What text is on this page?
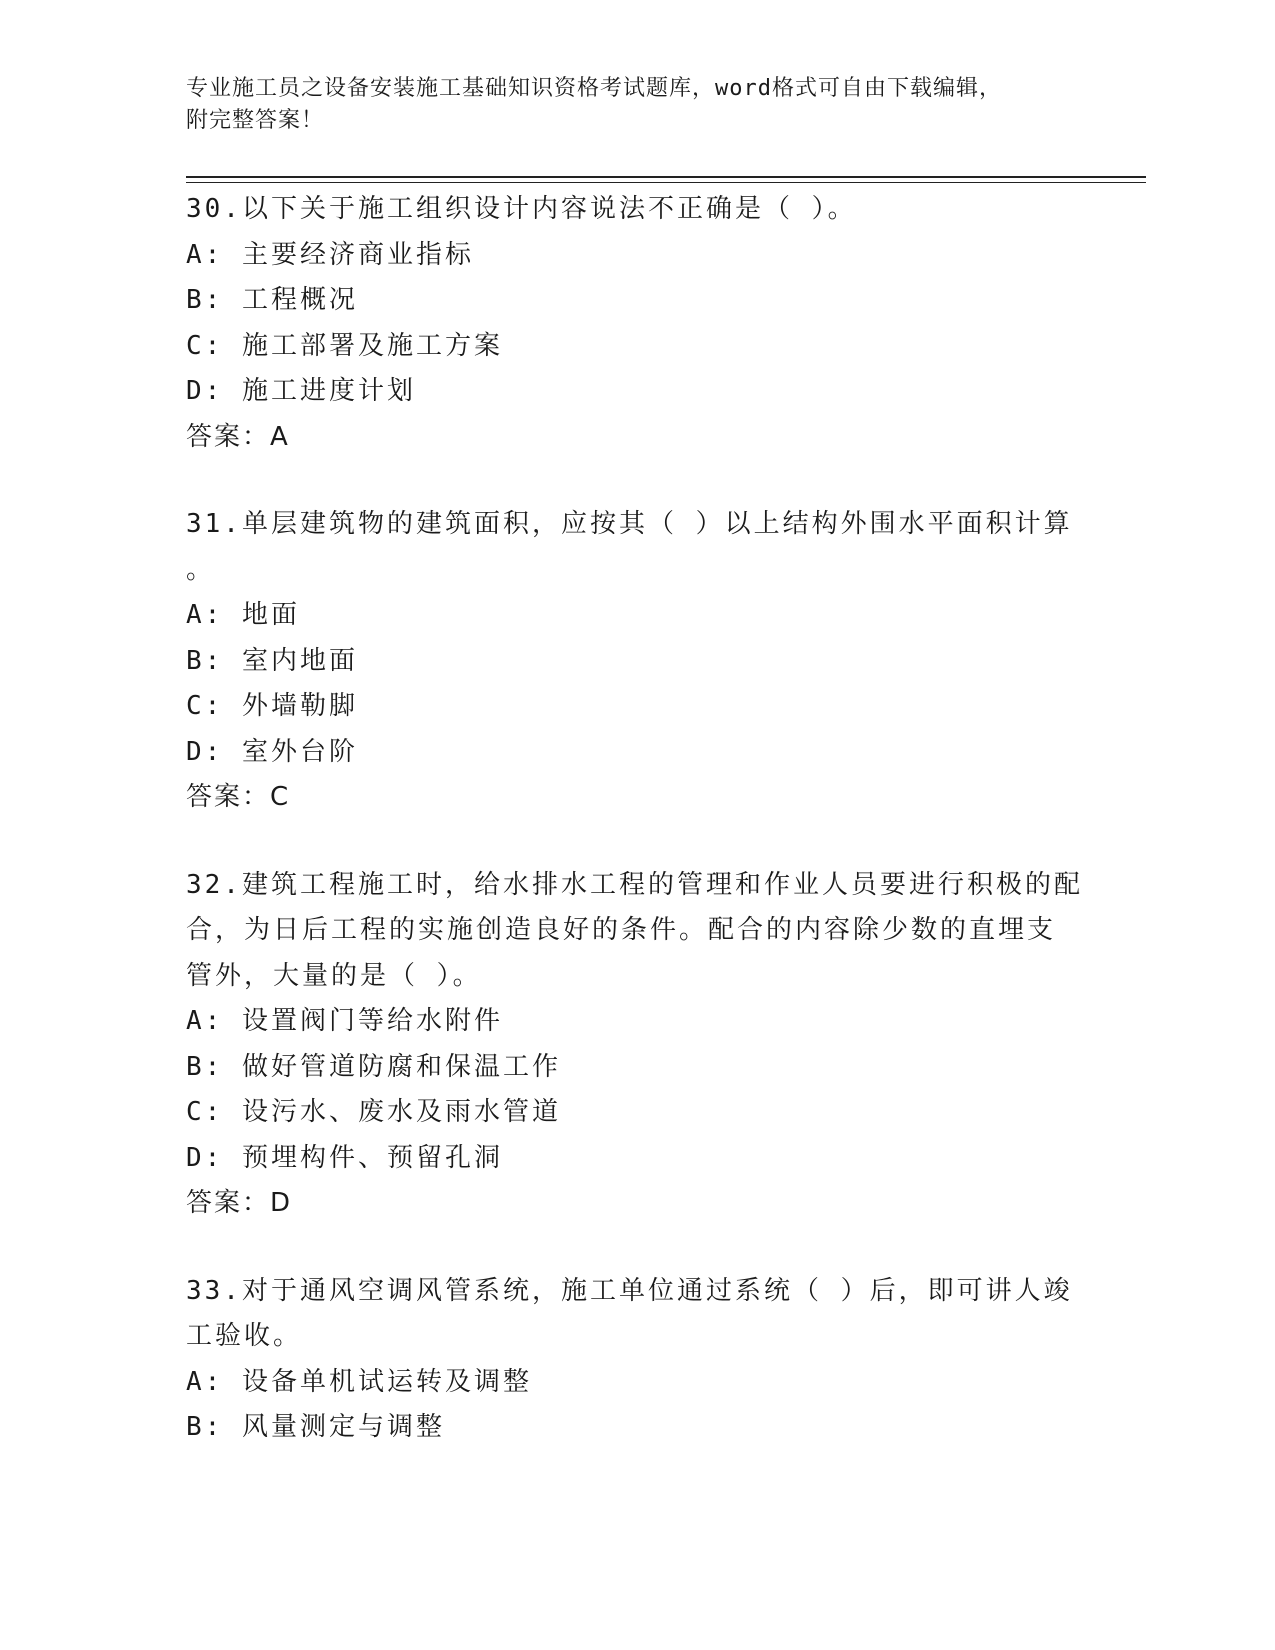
专业施工员之设备安装施工基础知识资格考试题库，word格式可自由下载编辑，
附完整答案！
30.以下关于施工组织设计内容说法不正确是（ ）。
A: 主要经济商业指标
B: 工程概况
C: 施工部署及施工方案
D: 施工进度计划
答案：A
31.单层建筑物的建筑面积，应按其（ ）以上结构外围水平面积计算
。
A: 地面
B: 室内地面
C: 外墙勒脚
D: 室外台阶
答案：C
32.建筑工程施工时，给水排水工程的管理和作业人员要进行积极的配
合，为日后工程的实施创造良好的条件。配合的内容除少数的直埋支
管外，大量的是（ ）。
A: 设置阀门等给水附件
B: 做好管道防腐和保温工作
C: 设污水、废水及雨水管道
D: 预埋构件、预留孔洞
答案：D
33.对于通风空调风管系统，施工单位通过系统（ ）后，即可讲人竣
工验收。
A: 设备单机试运转及调整
B: 风量测定与调整
